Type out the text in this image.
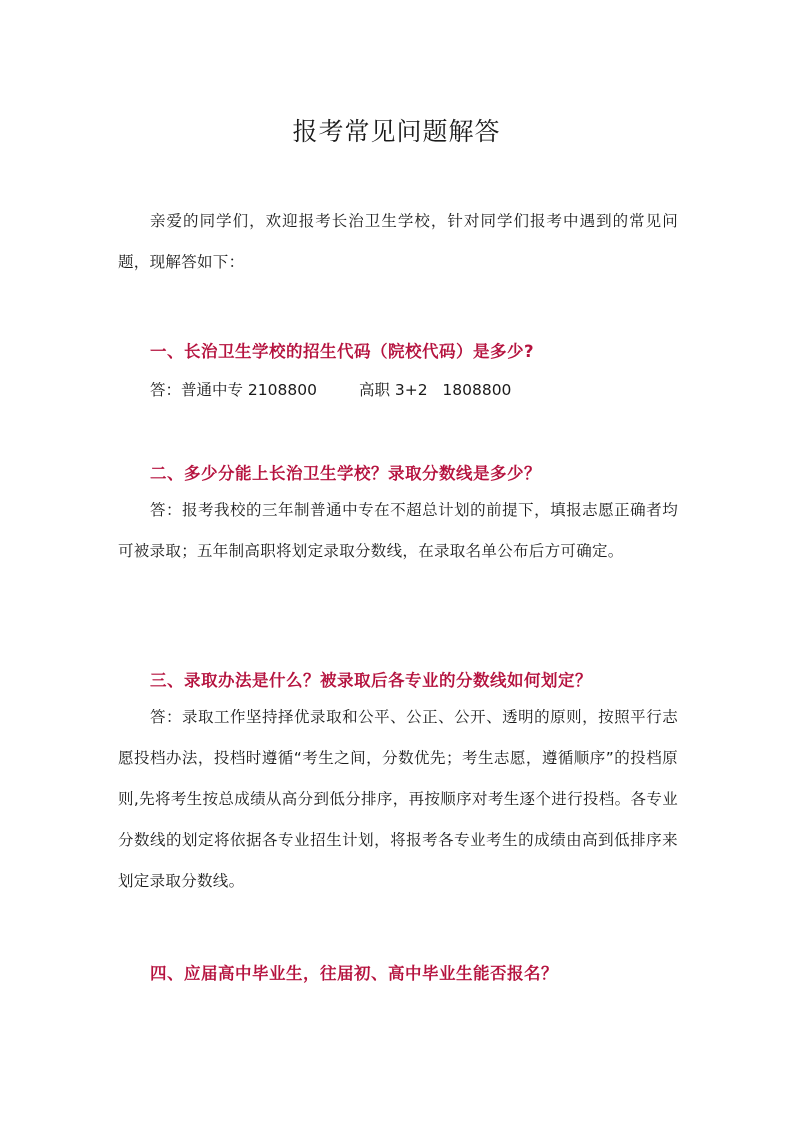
报考常见问题解答
亲爱的同学们，欢迎报考长治卫生学校，针对同学们报考中遇到的常见问题，现解答如下：
一、长治卫生学校的招生代码（院校代码）是多少?
答：普通中专 2108800	高职 3+2   1808800
二、多少分能上长治卫生学校？录取分数线是多少？
答：报考我校的三年制普通中专在不超总计划的前提下，填报志愿正确者均可被录取；五年制高职将划定录取分数线，在录取名单公布后方可确定。
三、录取办法是什么？被录取后各专业的分数线如何划定？
答：录取工作坚持择优录取和公平、公正、公开、透明的原则，按照平行志愿投档办法，投档时遵循“考生之间，分数优先；考生志愿，遵循顺序”的投档原则,先将考生按总成绩从高分到低分排序，再按顺序对考生逐个进行投档。各专业分数线的划定将依据各专业招生计划，将报考各专业考生的成绩由高到低排序来划定录取分数线。
四、应届高中毕业生，往届初、高中毕业生能否报名？
